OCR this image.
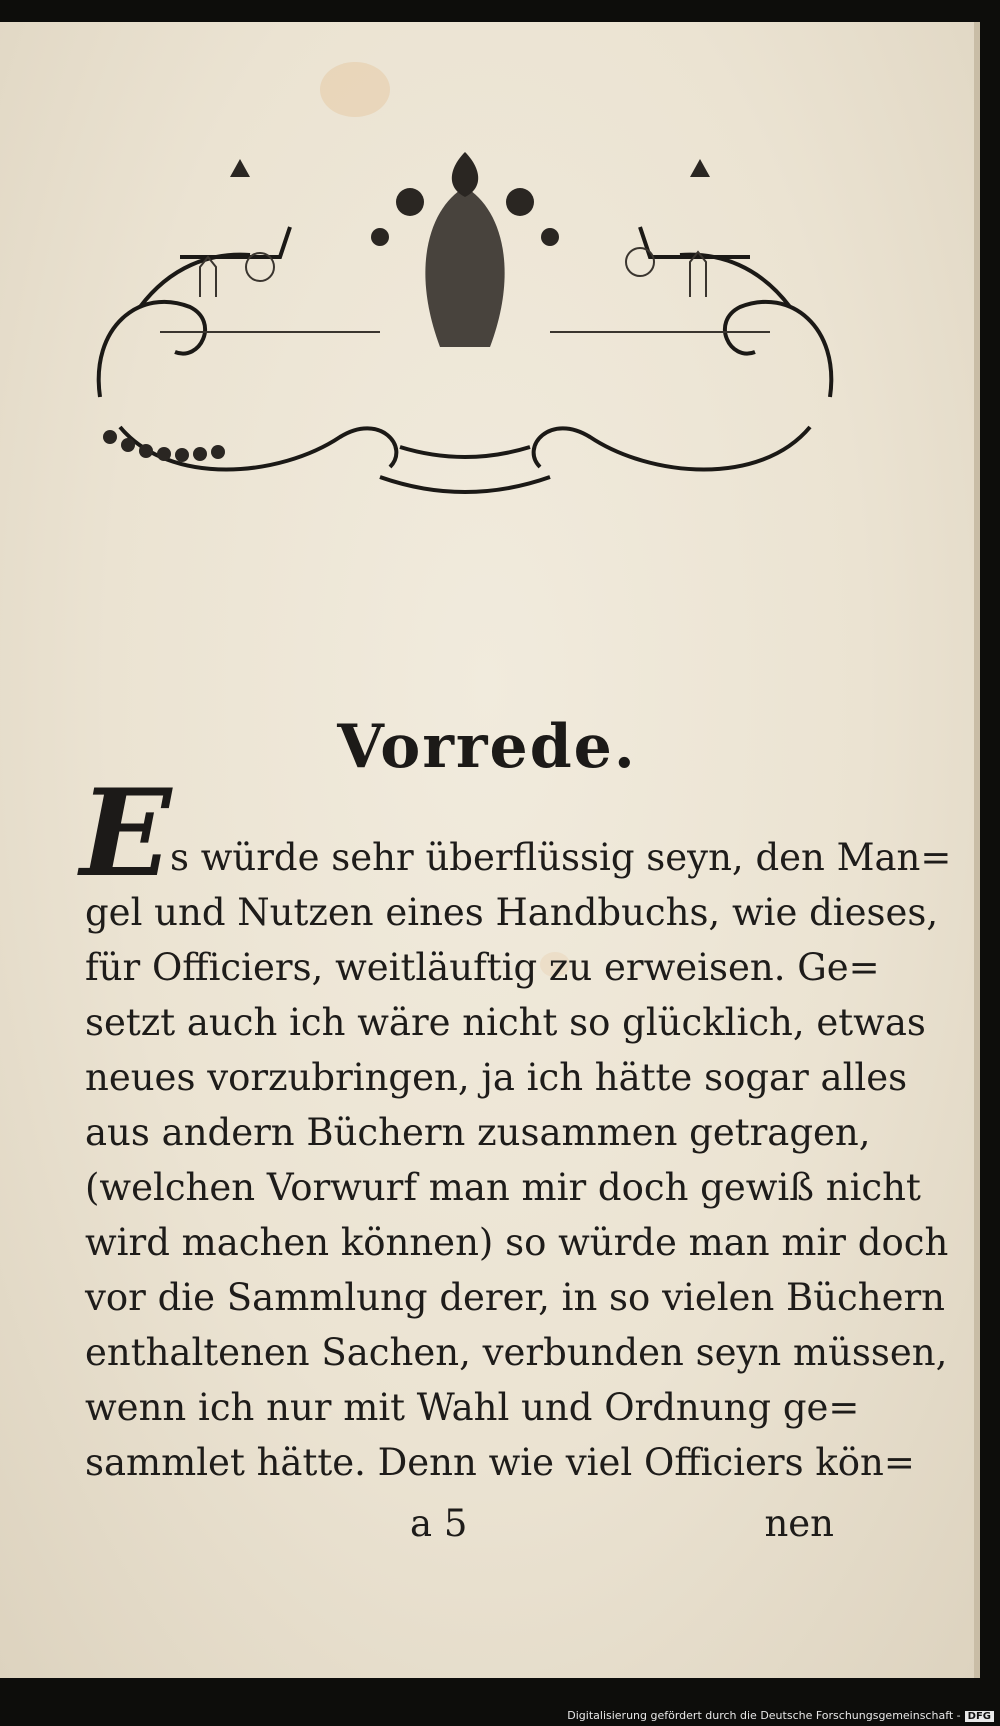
Vorrede.
E
s würde sehr überflüssig seyn, den Man=
gel und Nutzen eines Handbuchs, wie dieses,
für Officiers, weitläuftig zu erweisen. Ge=
setzt auch ich wäre nicht so glücklich, etwas
neues vorzubringen, ja ich hätte sogar alles
aus andern Büchern zusammen getragen,
(welchen Vorwurf man mir doch gewiß nicht
wird machen können) so würde man mir doch
vor die Sammlung derer, in so vielen Büchern
enthaltenen Sachen, verbunden seyn müssen,
wenn ich nur mit Wahl und Ordnung ge=
sammlet hätte. Denn wie viel Officiers kön=
a 5	nen
Digitalisierung gefördert durch die Deutsche Forschungsgemeinschaft - DFG
